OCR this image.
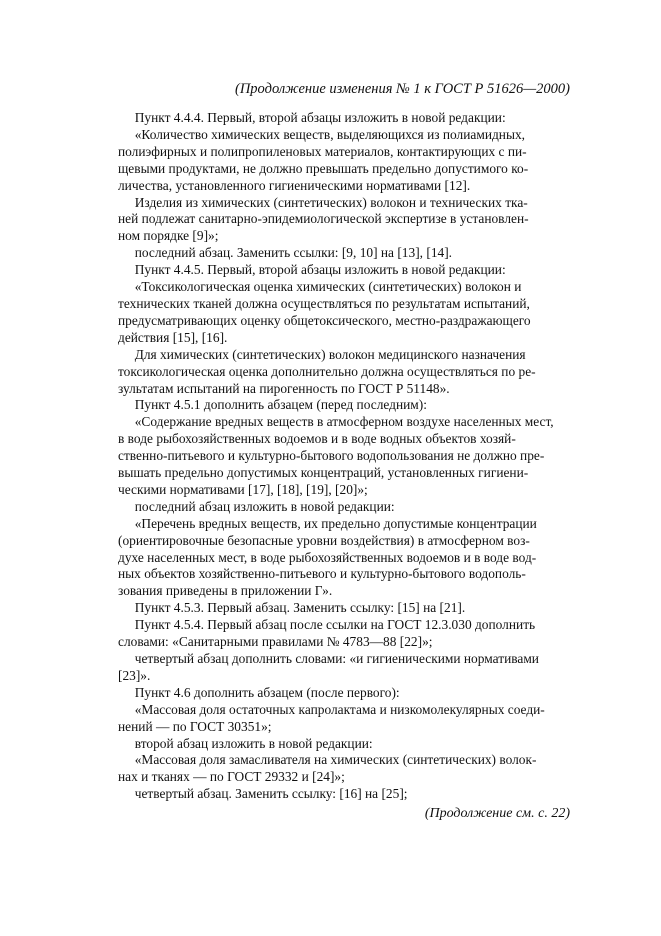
(Продолжение изменения № 1 к ГОСТ Р 51626—2000)
Пункт 4.4.4. Первый, второй абзацы изложить в новой редакции:
«Количество химических веществ, выделяющихся из полиамидных,
полиэфирных и полипропиленовых материалов, контактирующих с пи-
щевыми продуктами, не должно превышать предельно допустимого ко-
личества, установленного гигиеническими нормативами [12].
Изделия из химических (синтетических) волокон и технических тка-
ней подлежат санитарно-эпидемиологической экспертизе в установлен-
ном порядке [9]»;
последний абзац. Заменить ссылки: [9, 10] на [13], [14].
Пункт 4.4.5. Первый, второй абзацы изложить в новой редакции:
«Токсикологическая оценка химических (синтетических) волокон и
технических тканей должна осуществляться по результатам испытаний,
предусматривающих оценку общетоксического, местно-раздражающего
действия [15], [16].
Для химических (синтетических) волокон медицинского назначения
токсикологическая оценка дополнительно должна осуществляться по ре-
зультатам испытаний на пирогенность по ГОСТ Р 51148».
Пункт 4.5.1 дополнить абзацем (перед последним):
«Содержание вредных веществ в атмосферном воздухе населенных мест,
в воде рыбохозяйственных водоемов и в воде водных объектов хозяй-
ственно-питьевого и культурно-бытового водопользования не должно пре-
вышать предельно допустимых концентраций, установленных гигиени-
ческими нормативами [17], [18], [19], [20]»;
последний абзац изложить в новой редакции:
«Перечень вредных веществ, их предельно допустимые концентрации
(ориентировочные безопасные уровни воздействия) в атмосферном воз-
духе населенных мест, в воде рыбохозяйственных водоемов и в воде вод-
ных объектов хозяйственно-питьевого и культурно-бытового водополь-
зования приведены в приложении Г».
Пункт 4.5.3. Первый абзац. Заменить ссылку: [15] на [21].
Пункт 4.5.4. Первый абзац после ссылки на ГОСТ 12.3.030 дополнить
словами: «Санитарными правилами № 4783—88 [22]»;
четвертый абзац дополнить словами: «и гигиеническими нормативами
[23]».
Пункт 4.6 дополнить абзацем (после первого):
«Массовая доля остаточных капролактама и низкомолекулярных соеди-
нений — по ГОСТ 30351»;
второй абзац изложить в новой редакции:
«Массовая доля замасливателя на химических (синтетических) волок-
нах и тканях — по ГОСТ 29332 и [24]»;
четвертый абзац. Заменить ссылку: [16] на [25];
(Продолжение см. с. 22)
